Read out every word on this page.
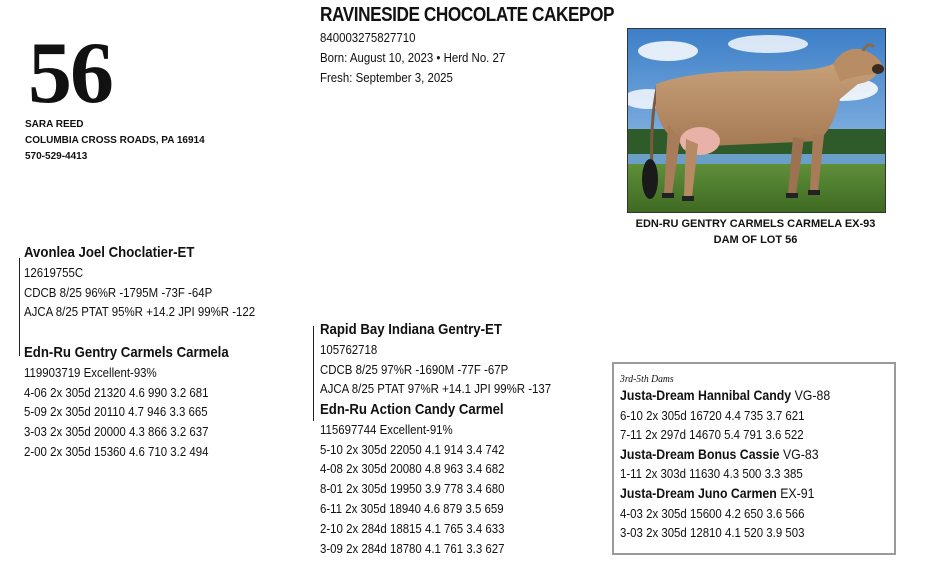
56
SARA REED
COLUMBIA CROSS ROADS, PA 16914
570-529-4413
RAVINESIDE CHOCOLATE CAKEPOP
840003275827710
Born: August 10, 2023 • Herd No. 27
Fresh: September 3, 2025
EDN-RU GENTRY CARMELS CARMELA EX-93
DAM OF LOT 56
Avonlea Joel Choclatier-ET
12619755C
CDCB 8/25 96%R -1795M -73F -64P
AJCA 8/25 PTAT 95%R +14.2 JPI 99%R -122
Edn-Ru Gentry Carmels Carmela
119903719 Excellent-93%
4-06 2x 305d 21320 4.6 990 3.2 681
5-09 2x 305d 20110 4.7 946 3.3 665
3-03 2x 305d 20000 4.3 866 3.2 637
2-00 2x 305d 15360 4.6 710 3.2 494
Rapid Bay Indiana Gentry-ET
105762718
CDCB 8/25 97%R -1690M -77F -67P
AJCA 8/25 PTAT 97%R +14.1 JPI 99%R -137
Edn-Ru Action Candy Carmel
115697744 Excellent-91%
5-10 2x 305d 22050 4.1 914 3.4 742
4-08 2x 305d 20080 4.8 963 3.4 682
8-01 2x 305d 19950 3.9 778 3.4 680
6-11 2x 305d 18940 4.6 879 3.5 659
2-10 2x 284d 18815 4.1 765 3.4 633
3-09 2x 284d 18780 4.1 761 3.3 627
3rd-5th Dams
Justa-Dream Hannibal Candy VG-88
6-10 2x 305d 16720 4.4 735 3.7 621
7-11 2x 297d 14670 5.4 791 3.6 522
Justa-Dream Bonus Cassie VG-83
1-11 2x 303d 11630 4.3 500 3.3 385
Justa-Dream Juno Carmen EX-91
4-03 2x 305d 15600 4.2 650 3.6 566
3-03 2x 305d 12810 4.1 520 3.9 503
